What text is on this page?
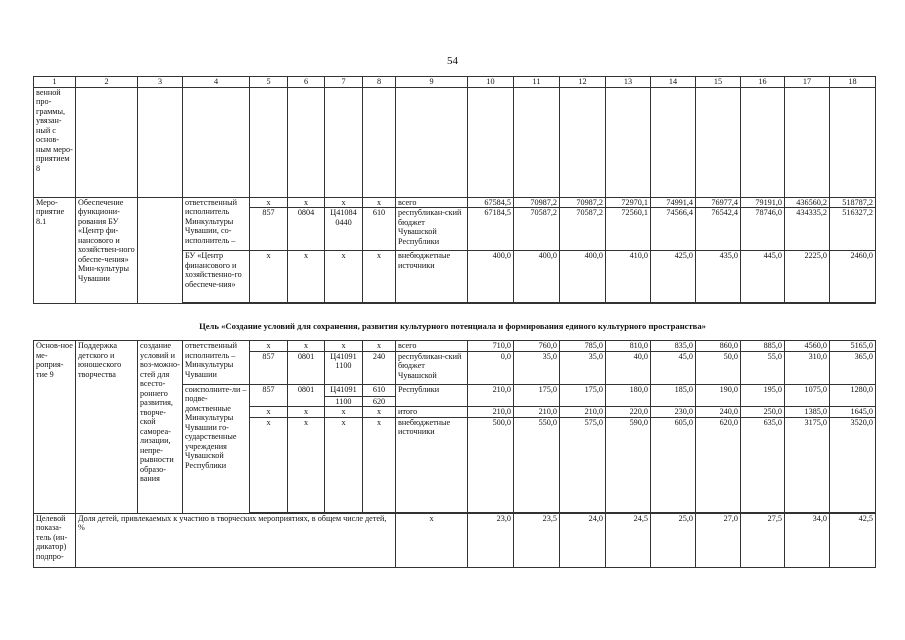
54
1	2	3	4	5	6	7	8	9	10	11	12	13	14	15	16	17	18
венной про-граммы, увязан-ный с основ-ным меро-приятием 8																	
Меро-приятие 8.1	Обеспечение функциони-рования БУ «Центр фи-нансового и хозяйствен-ного обеспе-чения» Мин-культуры Чувашии		ответственный исполнитель Минкультуры Чувашии, со-исполнитель –	x	x	x	x	всего	67584,5	70987,2	70987,2	72970,1	74991,4	76977,4	79191,0	436560,2	518787,2
				857	0804	Ц41084 0440	610	республикан-ский бюджет Чувашской Республики	67184,5	70587,2	70587,2	72560,1	74566,4	76542,4	78746,0	434335,2	516327,2
			БУ «Центр финансового и хозяйственно-го обеспече-ния»	x	x	x	x	внебюджетные источники	400,0	400,0	400,0	410,0	425,0	435,0	445,0	2225,0	2460,0

Цель «Создание условий для сохранения, развития культурного потенциала и формирования единого культурного пространства»
Основ-ное ме-роприя-тие 9	Поддержка детского и юношеского творчества	создание условий и воз-можно-стей для всесто-роннего развития, творче-ской самореа-лизации, непре-рывности образо-вания	ответственный исполнитель – Минкультуры Чувашии	x	x	x	x	всего	710,0	760,0	785,0	810,0	835,0	860,0	885,0	4560,0	5165,0
				857	0801	Ц41091 1100	240	республикан-ский бюджет Чувашской	0,0	35,0	35,0	40,0	45,0	50,0	55,0	310,0	365,0
			соисполните-ли – подве-домственные Минкультуры Чувашии го-сударственные учреждения Чувашской Республики	857	0801	Ц41091	610	Республики	210,0	175,0	175,0	180,0	185,0	190,0	195,0	1075,0	1280,0
						1100	620										
				x	x	x	x	итого	210,0	210,0	210,0	220,0	230,0	240,0	250,0	1385,0	1645,0
				x	x	x	x	внебюджетные источники	500,0	550,0	575,0	590,0	605,0	620,0	635,0	3175,0	3520,0

Целевой показа-тель (ин-дикатор) подпро-	Доля детей, привлекаемых к участию в творческих мероприятиях, в общем числе детей, %							x	23,0	23,5	24,0	24,5	25,0	27,0	27,5	34,0	42,5
